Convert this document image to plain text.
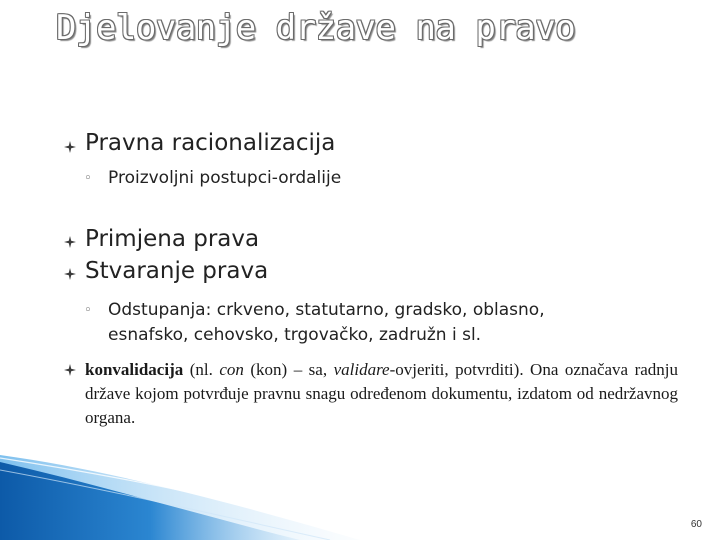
Djelovanje države na pravo
Pravna racionalizacija
◦ Proizvoljni postupci-ordalije
Primjena prava
Stvaranje prava
◦ Odstupanja: crkveno, statutarno, gradsko, oblasno,
esnafsko, cehovsko, trgovačko, zadružn i sl.
konvalidacija (nl. con (kon) – sa, validare-ovjeriti, potvrditi). Ona označava radnju države kojom potvrđuje pravnu snagu određenom dokumentu, izdatom od nedržavnog organa.
60
